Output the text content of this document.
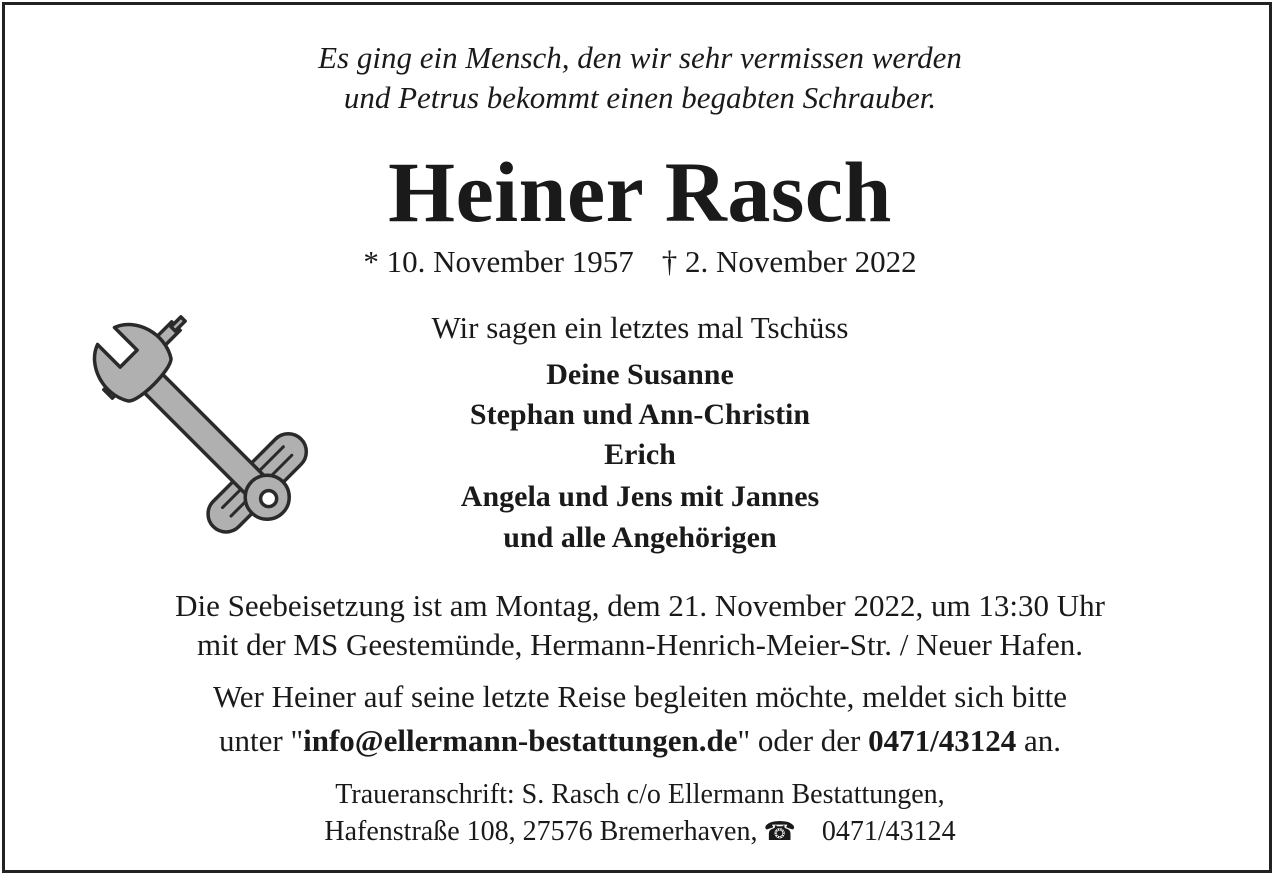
Es ging ein Mensch, den wir sehr vermissen werden
und Petrus bekommt einen begabten Schrauber.
Heiner Rasch
* 10. November 1957 † 2. November 2022
Wir sagen ein letztes mal Tschüss
Deine Susanne
Stephan und Ann-Christin
Erich
Angela und Jens mit Jannes
und alle Angehörigen
Die Seebeisetzung ist am Montag, dem 21. November 2022, um 13:30 Uhr
mit der MS Geestemünde, Hermann-Henrich-Meier-Str. / Neuer Hafen.
Wer Heiner auf seine letzte Reise begleiten möchte, meldet sich bitte
unter "info@ellermann-bestattungen.de" oder der 0471/43124 an.
Traueranschrift: S. Rasch c/o Ellermann Bestattungen,
Hafenstraße 108, 27576 Bremerhaven, ☎ 0471/43124
